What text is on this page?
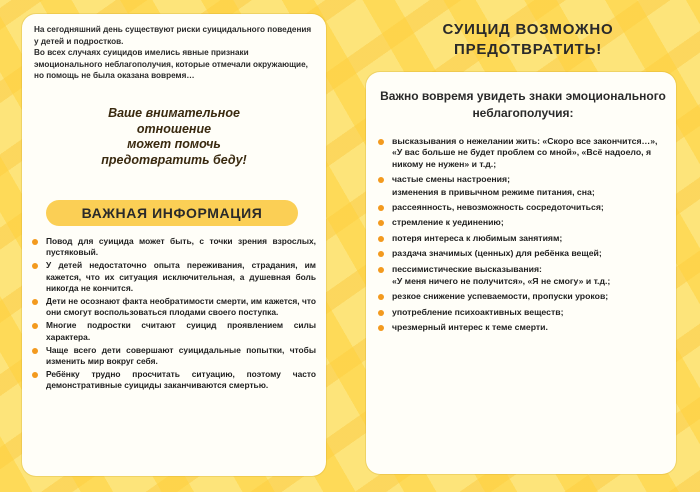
На сегодняшний день существуют риски суицидального поведения у детей и подростков.

Во всех случаях суицидов имелись явные признаки эмоционального неблагополучия, которые отмечали окружающие, но помощь не была оказана вовремя…

Ваше внимательное
отношение
может помочь
предотвратить беду!
ВАЖНАЯ ИНФОРМАЦИЯ
Повод для суицида может быть, с точки зрения взрослых, пустяковый.
У детей недостаточно опыта переживания, страдания, им кажется, что их ситуация исключительная, а душевная боль никогда не кончится.
Дети не осознают факта необратимости смерти, им кажется, что они смогут воспользоваться плодами своего поступка.
Многие подростки считают суицид проявлением силы характера.
Чаще всего дети совершают суицидальные попытки, чтобы изменить мир вокруг себя.
Ребёнку трудно просчитать ситуацию, поэтому часто демонстративные суициды заканчиваются смертью.
СУИЦИД ВОЗМОЖНО
ПРЕДОТВРАТИТЬ!
Важно вовремя увидеть знаки эмоционального неблагополучия:
высказывания о нежелании жить: «Скоро все закончится…», «У вас больше не будет проблем со мной», «Всё надоело, я никому не нужен» и т.д.;
частые смены настроения;
изменения в привычном режиме питания, сна;
рассеянность, невозможность сосредоточиться;
стремление к уединению;
потеря интереса к любимым занятиям;
раздача значимых (ценных) для ребёнка вещей;
пессимистические высказывания:
«У меня ничего не получится», «Я не смогу» и т.д.;
резкое снижение успеваемости, пропуски уроков;
употребление психоактивных веществ;
чрезмерный интерес к теме смерти.
